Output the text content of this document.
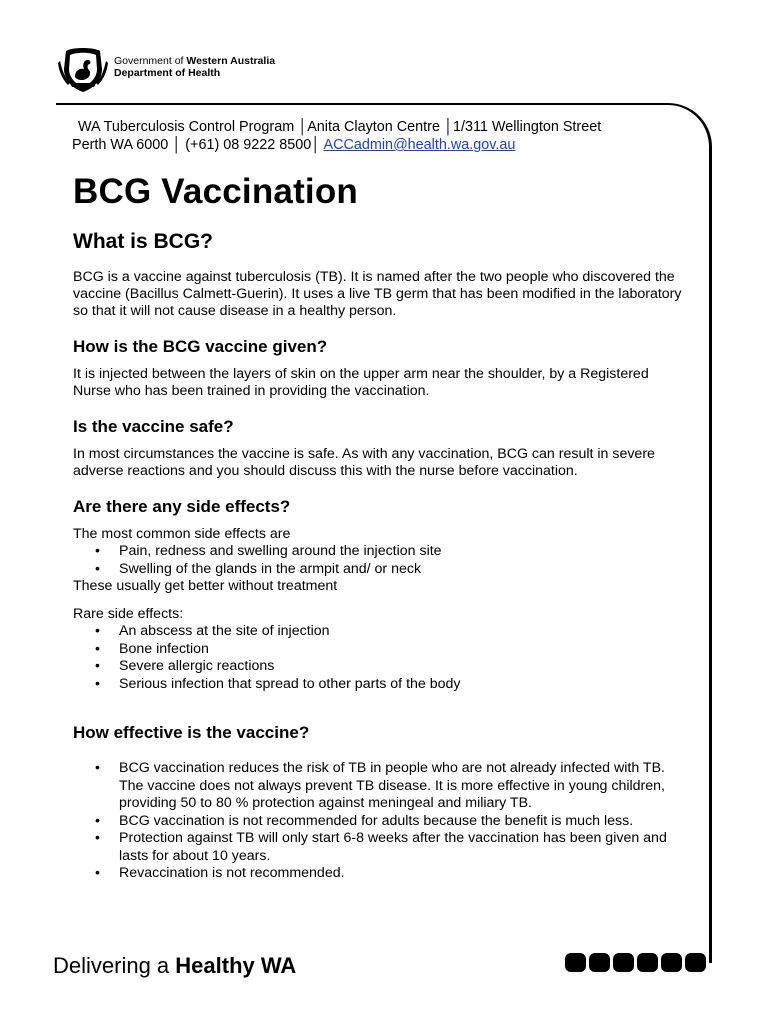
Government of Western Australia
Department of Health
WA Tuberculosis Control Program │Anita Clayton Centre │1/311 Wellington Street
Perth WA 6000 │ (+61) 08 9222 8500│ ACCadmin@health.wa.gov.au
BCG Vaccination
What is BCG?

BCG is a vaccine against tuberculosis (TB). It is named after the two people who discovered the vaccine (Bacillus Calmett-Guerin). It uses a live TB germ that has been modified in the laboratory so that it will not cause disease in a healthy person.

How is the BCG vaccine given?

It is injected between the layers of skin on the upper arm near the shoulder, by a Registered Nurse who has been trained in providing the vaccination.

Is the vaccine safe?

In most circumstances the vaccine is safe. As with any vaccination, BCG can result in severe adverse reactions and you should discuss this with the nurse before vaccination.

Are there any side effects?

The most common side effects are

• Pain, redness and swelling around the injection site
• Swelling of the glands in the armpit and/ or neck

These usually get better without treatment

Rare side effects:

• An abscess at the site of injection
• Bone infection
• Severe allergic reactions
• Serious infection that spread to other parts of the body
How effective is the vaccine?
• BCG vaccination reduces the risk of TB in people who are not already infected with TB. The vaccine does not always prevent TB disease. It is more effective in young children, providing 50 to 80 % protection against meningeal and miliary TB.
• BCG vaccination is not recommended for adults because the benefit is much less.
• Protection against TB will only start 6-8 weeks after the vaccination has been given and lasts for about 10 years.
• Revaccination is not recommended.
Delivering a Healthy WA
